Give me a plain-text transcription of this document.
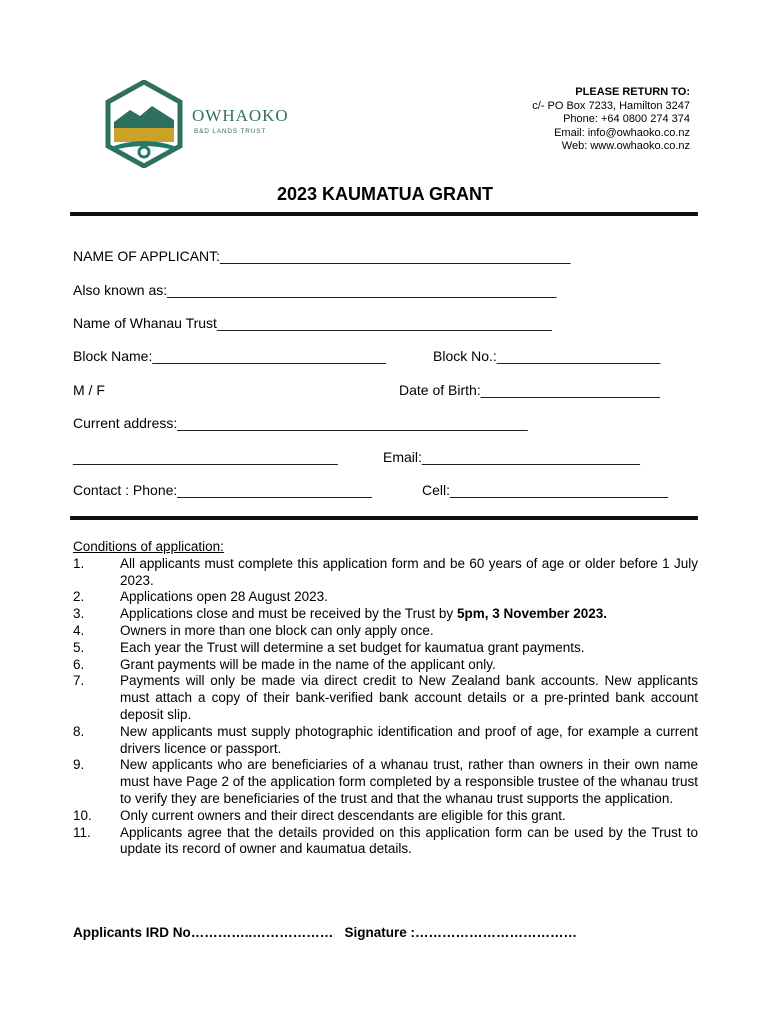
OWHAOKO
B&D LANDS TRUST
PLEASE RETURN TO:
c/- PO Box 7233, Hamilton 3247
Phone: +64 0800 274 374
Email: info@owhaoko.co.nz
Web: www.owhaoko.co.nz
2023 KAUMATUA GRANT
NAME OF APPLICANT:_____________________________________________
Also known as:__________________________________________________
Name of Whanau Trust___________________________________________
Block Name:______________________________	Block No.:_____________________
M / F	Date of Birth:_______________________
Current address:_____________________________________________
__________________________________	Email:____________________________
Contact : Phone:_________________________	Cell:____________________________
Conditions of application:
1.	All applicants must complete this application form and be 60 years of age or older before 1 July 2023.
2.	Applications open 28 August 2023.
3.	Applications close and must be received by the Trust by 5pm, 3 November 2023.
4.	Owners in more than one block can only apply once.
5.	Each year the Trust will determine a set budget for kaumatua grant payments.
6.	Grant payments will be made in the name of the applicant only.
7.	Payments will only be made via direct credit to New Zealand bank accounts. New applicants must attach a copy of their bank-verified bank account details or a pre-printed bank account deposit slip.
8.	New applicants must supply photographic identification and proof of age, for example a current drivers licence or passport.
9.	New applicants who are beneficiaries of a whanau trust, rather than owners in their own name must have Page 2 of the application form completed by a responsible trustee of the whanau trust to verify they are beneficiaries of the trust and that the whanau trust supports the application.
10. Only current owners and their direct descendants are eligible for this grant.
11. Applicants agree that the details provided on this application form can be used by the Trust to update its record of owner and kaumatua details.
Applicants IRD No…………..……………… Signature :………………………………
